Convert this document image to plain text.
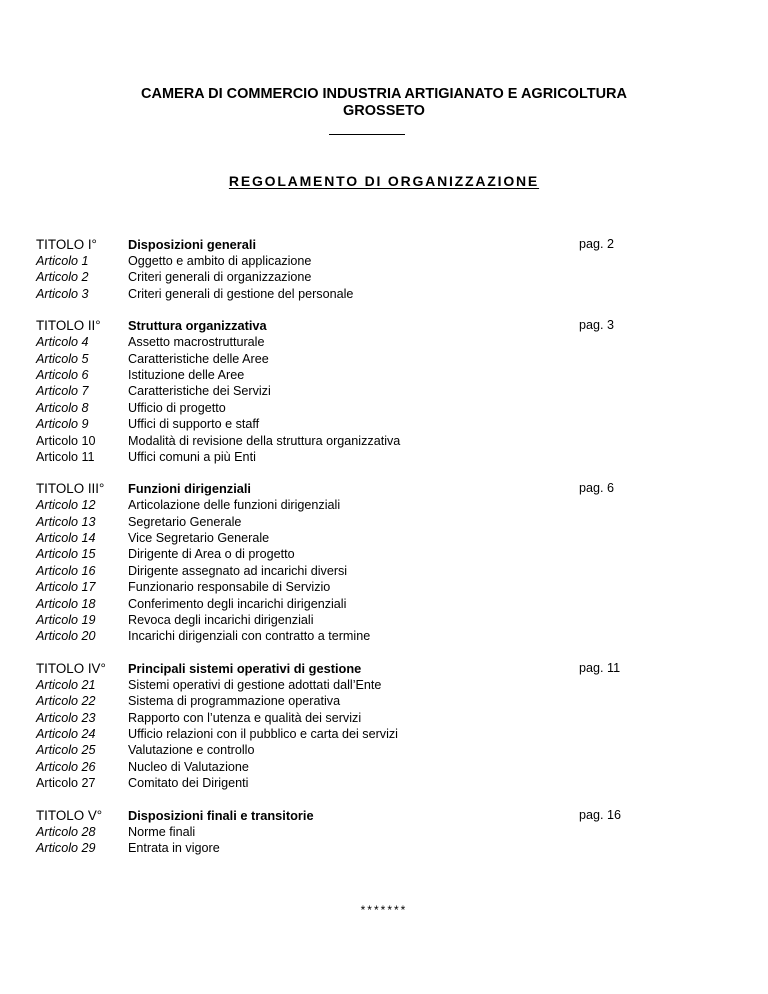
CAMERA DI COMMERCIO INDUSTRIA ARTIGIANATO E AGRICOLTURA
GROSSETO
REGOLAMENTO DI ORGANIZZAZIONE
TITOLO I° Disposizioni generali	pag. 2
Articolo 1	Oggetto e ambito di applicazione
Articolo 2	Criteri generali di organizzazione
Articolo 3	Criteri generali di gestione del personale
TITOLO II° Struttura organizzativa	pag. 3
Articolo 4	Assetto macrostrutturale
Articolo 5	Caratteristiche delle Aree
Articolo 6	Istituzione delle Aree
Articolo 7	Caratteristiche dei Servizi
Articolo 8	Ufficio di progetto
Articolo 9	Uffici di supporto e staff
Articolo 10	Modalità di revisione della struttura organizzativa
Articolo 11	Uffici comuni a più Enti
TITOLO III° Funzioni dirigenziali	pag. 6
Articolo 12	Articolazione delle funzioni dirigenziali
Articolo 13	Segretario Generale
Articolo 14	Vice Segretario Generale
Articolo 15	Dirigente di Area o di progetto
Articolo 16	Dirigente assegnato ad incarichi diversi
Articolo 17	Funzionario responsabile di Servizio
Articolo 18	Conferimento degli incarichi dirigenziali
Articolo 19	Revoca degli incarichi dirigenziali
Articolo 20	Incarichi dirigenziali con contratto a termine
TITOLO IV° Principali sistemi operativi di gestione	pag. 11
Articolo 21	Sistemi operativi di gestione adottati dall’Ente
Articolo 22	Sistema di programmazione operativa
Articolo 23	Rapporto con l’utenza e qualità dei servizi
Articolo 24	Ufficio relazioni con il pubblico e carta dei servizi
Articolo 25	Valutazione e controllo
Articolo 26	Nucleo di Valutazione
Articolo 27	Comitato dei Dirigenti
TITOLO V° Disposizioni finali e transitorie	pag. 16
Articolo 28	Norme finali
Articolo 29	Entrata in vigore
*******
